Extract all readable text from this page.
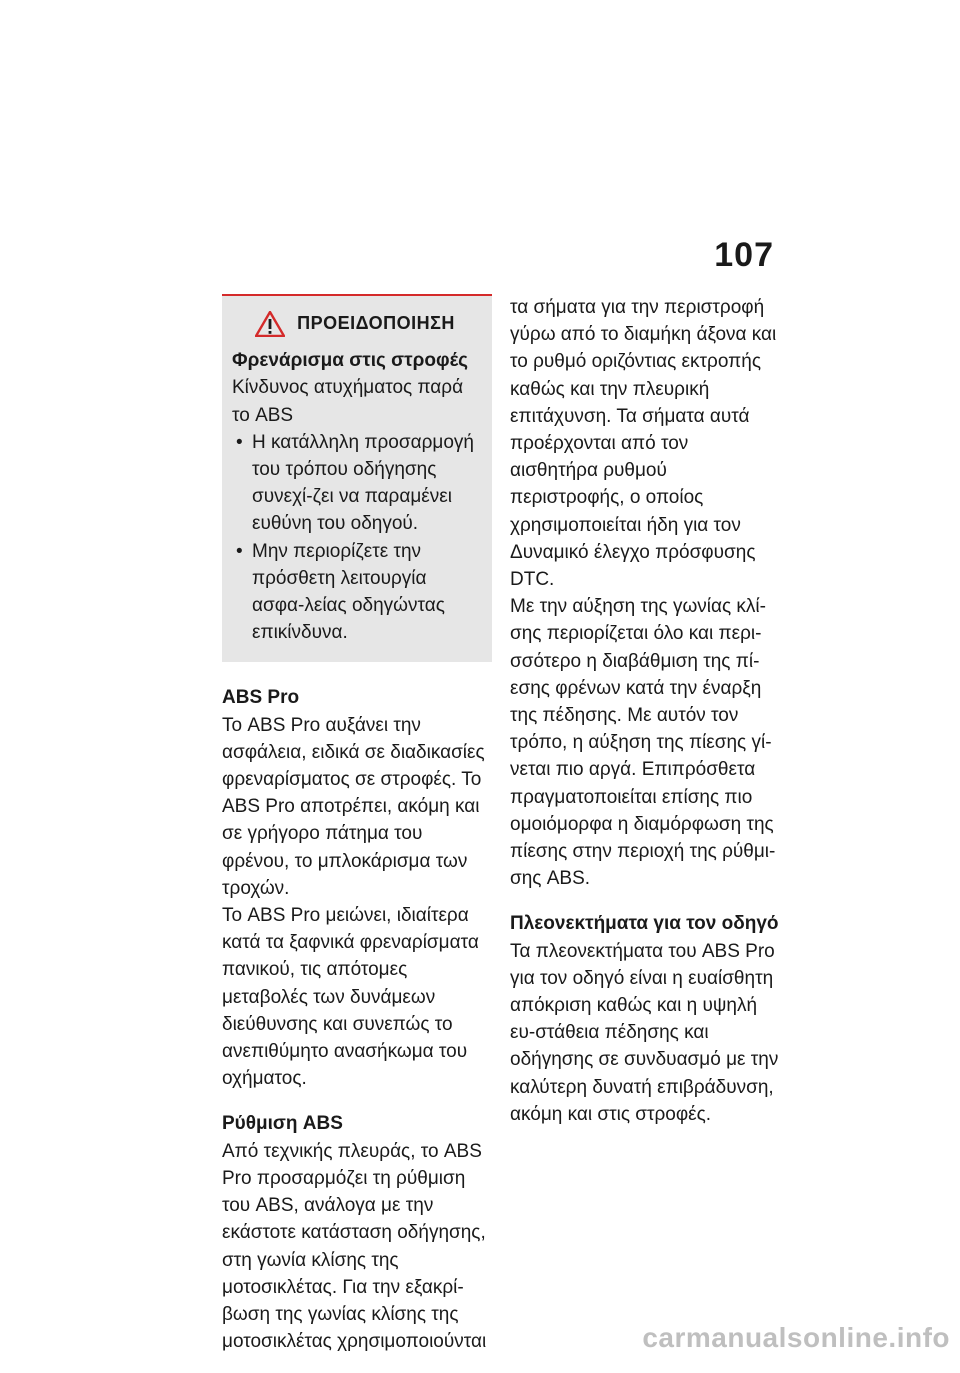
107
ΠΡΟΕΙΔΟΠΟΙΗΣΗ
Φρενάρισμα στις στροφές
Κίνδυνος ατυχήματος παρά το ABS
• Η κατάλληλη προσαρμογή του τρόπου οδήγησης συνεχί-ζει να παραμένει ευθύνη του οδηγού.
• Μην περιορίζετε την πρόσθετη λειτουργία ασφα-λείας οδηγώντας επικίνδυνα.
ABS Pro

Το ABS Pro αυξάνει την ασφάλεια, ειδικά σε διαδικασίες φρεναρίσματος σε στροφές. Το ABS Pro αποτρέπει, ακόμη και σε γρήγορο πάτημα του φρένου, το μπλοκάρισμα των τροχών.

Το ABS Pro μειώνει, ιδιαίτερα κατά τα ξαφνικά φρεναρίσματα πανικού, τις απότομες μεταβολές των δυνάμεων διεύθυνσης και συνεπώς το ανεπιθύμητο ανασήκωμα του οχήματος.

Ρύθμιση ABS

Από τεχνικής πλευράς, το ABS Pro προσαρμόζει τη ρύθμιση του ABS, ανάλογα με την εκάστοτε κατάσταση οδήγησης, στη γωνία κλίσης της μοτοσικλέτας. Για την εξακρί-βωση της γωνίας κλίσης της μοτοσικλέτας χρησιμοποιούνται

τα σήματα για την περιστροφή γύρω από το διαμήκη άξονα και το ρυθμό οριζόντιας εκτροπής καθώς και την πλευρική επιτάχυνση. Τα σήματα αυτά προέρχονται από τον αισθητήρα ρυθμού περιστροφής, ο οποίος χρησιμοποιείται ήδη για τον Δυναμικό έλεγχο πρόσφυσης DTC.

Με την αύξηση της γωνίας κλί-σης περιορίζεται όλο και περι-σσότερο η διαβάθμιση της πί-εσης φρένων κατά την έναρξη της πέδησης. Με αυτόν τον τρόπο, η αύξηση της πίεσης γί-νεται πιο αργά. Επιπρόσθετα πραγματοποιείται επίσης πιο ομοιόμορφα η διαμόρφωση της πίεσης στην περιοχή της ρύθμι-σης ABS.

Πλεονεκτήματα για τον οδηγό

Τα πλεονεκτήματα του ABS Pro για τον οδηγό είναι η ευαίσθητη απόκριση καθώς και η υψηλή ευ-στάθεια πέδησης και οδήγησης σε συνδυασμό με την καλύτερη δυνατή επιβράδυνση, ακόμη και στις στροφές.

carmanualsonline.info
